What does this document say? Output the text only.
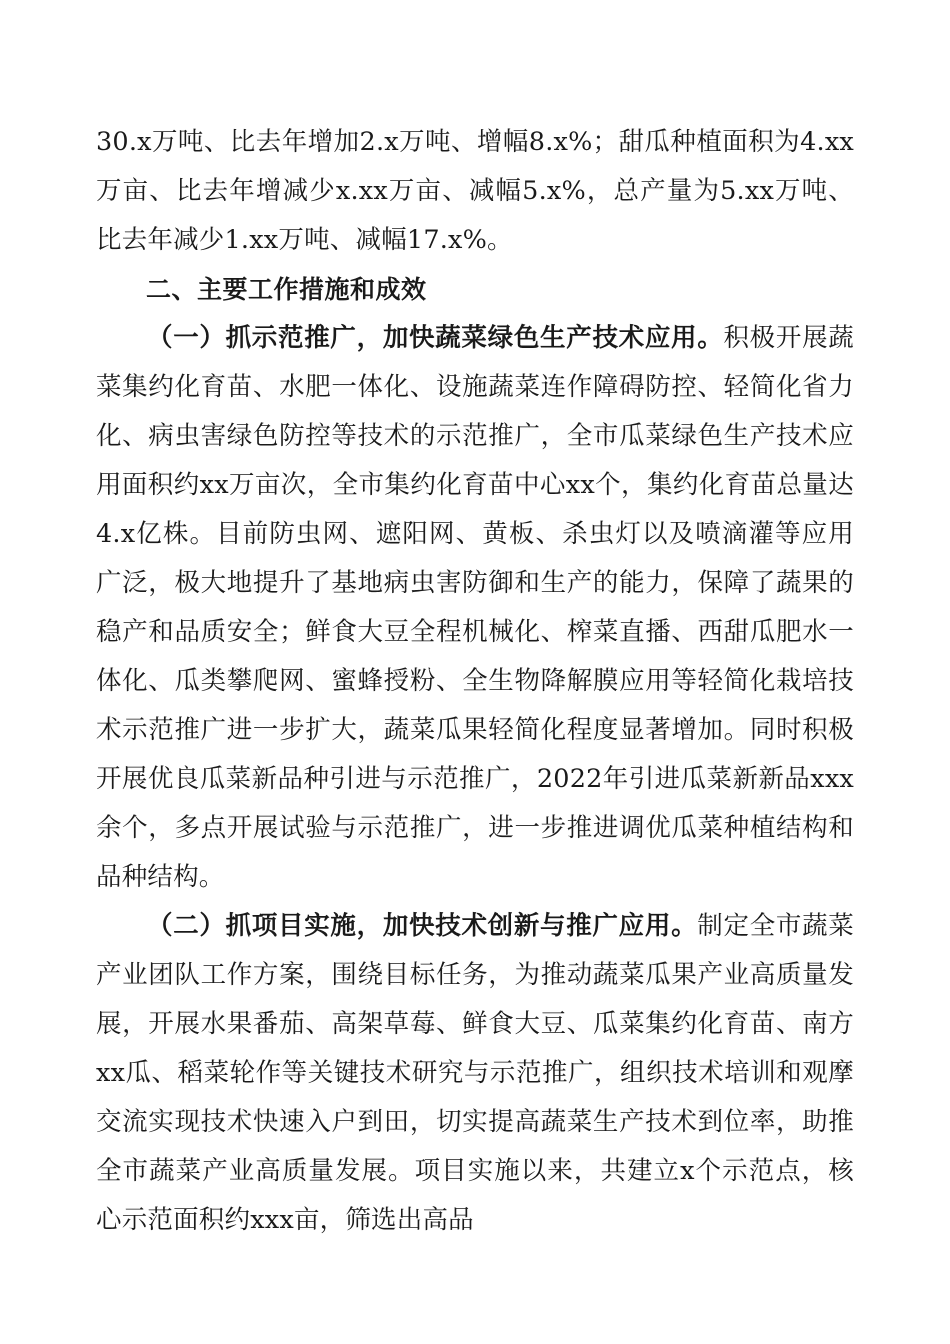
30.x万吨、比去年增加2.x万吨、增幅8.x%；甜瓜种植面积为4.xx万亩、比去年增减少x.xx万亩、减幅5.x%，总产量为5.xx万吨、比去年减少1.xx万吨、减幅17.x%。

二、主要工作措施和成效

（一）抓示范推广，加快蔬菜绿色生产技术应用。积极开展蔬菜集约化育苗、水肥一体化、设施蔬菜连作障碍防控、轻简化省力化、病虫害绿色防控等技术的示范推广，全市瓜菜绿色生产技术应用面积约xx万亩次，全市集约化育苗中心xx个，集约化育苗总量达4.x亿株。目前防虫网、遮阳网、黄板、杀虫灯以及喷滴灌等应用广泛，极大地提升了基地病虫害防御和生产的能力，保障了蔬果的稳产和品质安全；鲜食大豆全程机械化、榨菜直播、西甜瓜肥水一体化、瓜类攀爬网、蜜蜂授粉、全生物降解膜应用等轻简化栽培技术示范推广进一步扩大，蔬菜瓜果轻简化程度显著增加。同时积极开展优良瓜菜新品种引进与示范推广，2022年引进瓜菜新新品xxx余个，多点开展试验与示范推广，进一步推进调优瓜菜种植结构和品种结构。

（二）抓项目实施，加快技术创新与推广应用。制定全市蔬菜产业团队工作方案，围绕目标任务，为推动蔬菜瓜果产业高质量发展，开展水果番茄、高架草莓、鲜食大豆、瓜菜集约化育苗、南方xx瓜、稻菜轮作等关键技术研究与示范推广，组织技术培训和观摩交流实现技术快速入户到田，切实提高蔬菜生产技术到位率，助推全市蔬菜产业高质量发展。项目实施以来，共建立x个示范点，核心示范面积约xxx亩，筛选出高品
